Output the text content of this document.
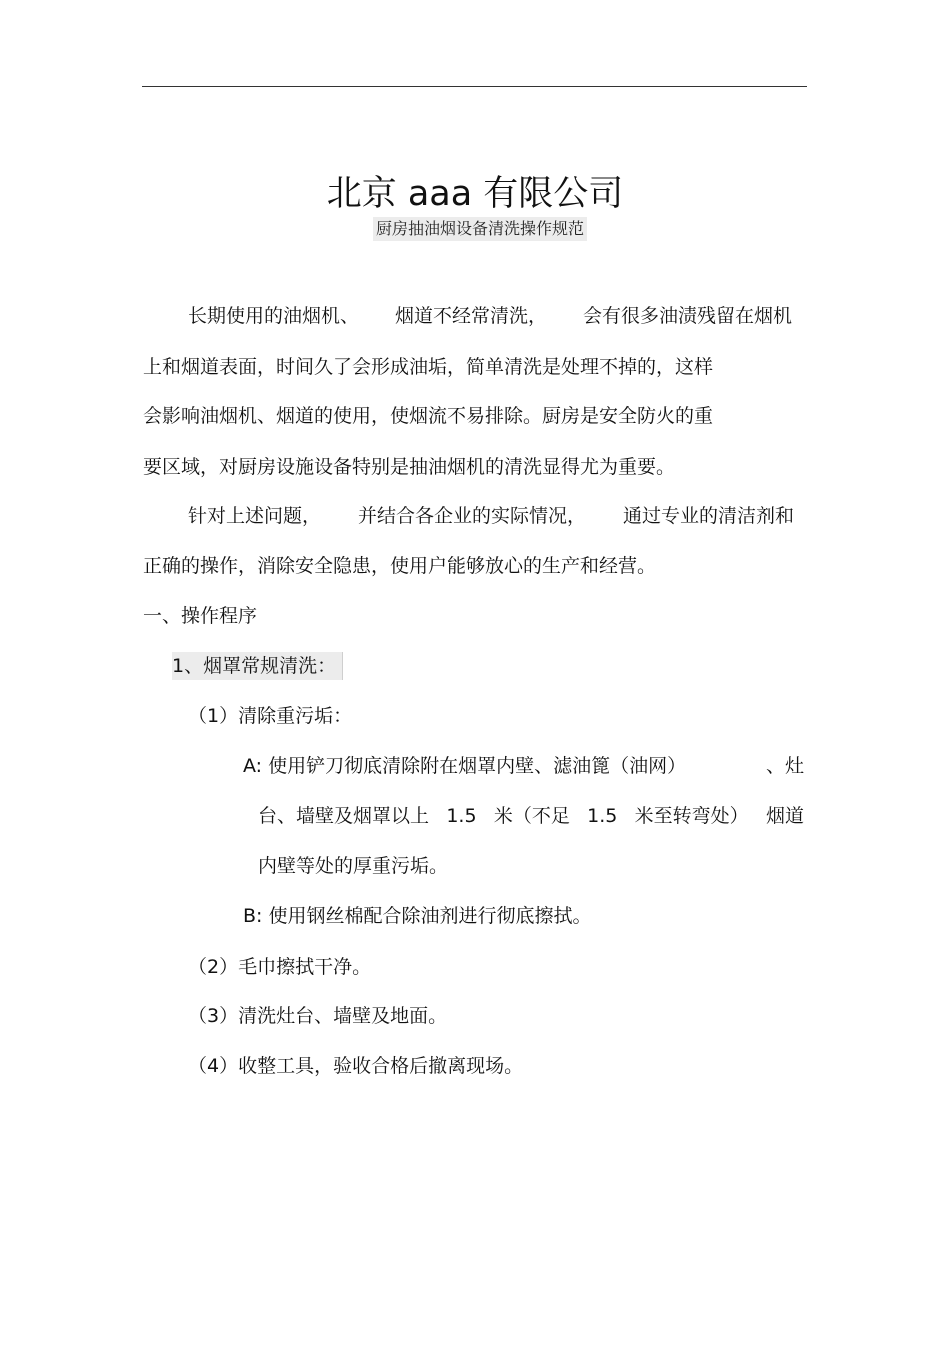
北京 aaa 有限公司
厨房抽油烟设备清洗操作规范
长期使用的油烟机、 烟道不经常清洗， 会有很多油渍残留在烟机
上和烟道表面，时间久了会形成油垢，简单清洗是处理不掉的，这样
会影响油烟机、烟道的使用，使烟流不易排除。厨房是安全防火的重
要区域，对厨房设施设备特别是抽油烟机的清洗显得尤为重要。
针对上述问题， 并结合各企业的实际情况， 通过专业的清洁剂和
正确的操作，消除安全隐患，使用户能够放心的生产和经营。
一、操作程序
1、烟罩常规清洗：
（1）清除重污垢：
A: 使用铲刀彻底清除附在烟罩内壁、滤油篦（油网）	、灶
台、墙壁及烟罩以上 1.5 米（不足 1.5 米至转弯处） 烟道
内壁等处的厚重污垢。
B: 使用钢丝棉配合除油剂进行彻底擦拭。
（2）毛巾擦拭干净。
（3）清洗灶台、墙壁及地面。
（4）收整工具，验收合格后撤离现场。
